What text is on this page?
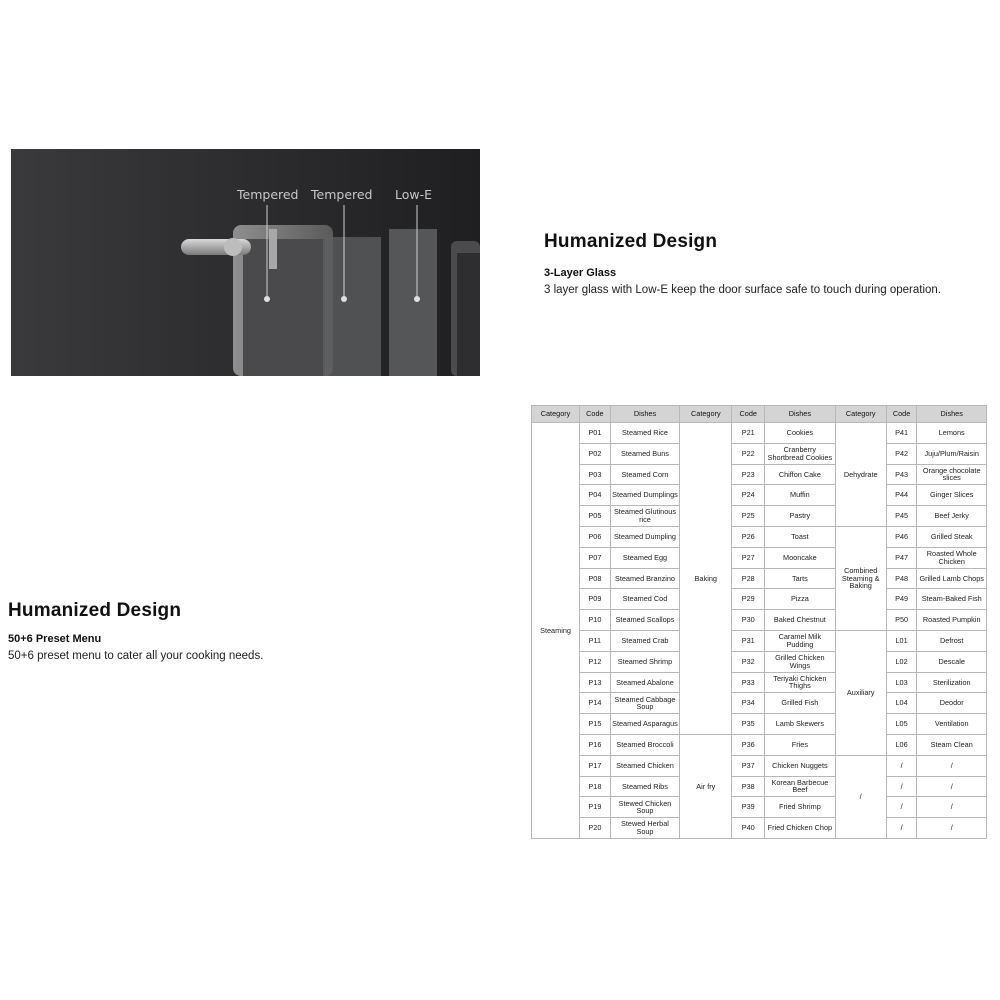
Tempered Tempered Low-E
Humanized Design
3-Layer Glass

3 layer glass with Low-E keep the door surface safe to touch during operation.

Humanized Design
50+6 Preset Menu

50+6 preset menu to cater all your cooking needs.

Category	Code	Dishes	Category	Code	Dishes	Category	Code	Dishes
Steaming	P01	Steamed Rice	Baking	P21	Cookies	Dehydrate	P41	Lemons
	P02	Steamed Buns		P22	Cranberry Shortbread Cookies		P42	Juju/Plum/Raisin
	P03	Steamed Corn		P23	Chiffon Cake		P43	Orange chocolate slices
	P04	Steamed Dumplings		P24	Muffin		P44	Ginger Slices
	P05	Steamed Glutinous rice		P25	Pastry		P45	Beef Jerky
	P06	Steamed Dumpling		P26	Toast	Combined Steaming & Baking	P46	Grilled Steak
	P07	Steamed Egg		P27	Mooncake		P47	Roasted Whole Chicken
	P08	Steamed Branzino		P28	Tarts		P48	Grilled Lamb Chops
	P09	Steamed Cod		P29	Pizza		P49	Steam-Baked Fish
	P10	Steamed Scallops		P30	Baked Chestnut		P50	Roasted Pumpkin
	P11	Steamed Crab		P31	Caramel Milk Pudding	Auxiliary	L01	Defrost
	P12	Steamed Shrimp		P32	Grilled Chicken Wings		L02	Descale
	P13	Steamed Abalone		P33	Teriyaki Chicken Thighs		L03	Sterilization
	P14	Steamed Cabbage Soup		P34	Grilled Fish		L04	Deodor
	P15	Steamed Asparagus		P35	Lamb Skewers		L05	Ventilation
	P16	Steamed Broccoli	Air fry	P36	Fries		L06	Steam Clean
	P17	Steamed Chicken		P37	Chicken Nuggets	/	/	/
	P18	Steamed Ribs		P38	Korean Barbecue Beef		/	/
	P19	Stewed Chicken Soup		P39	Fried Shrimp		/	/
	P20	Stewed Herbal Soup		P40	Fried Chicken Chop		/	/
